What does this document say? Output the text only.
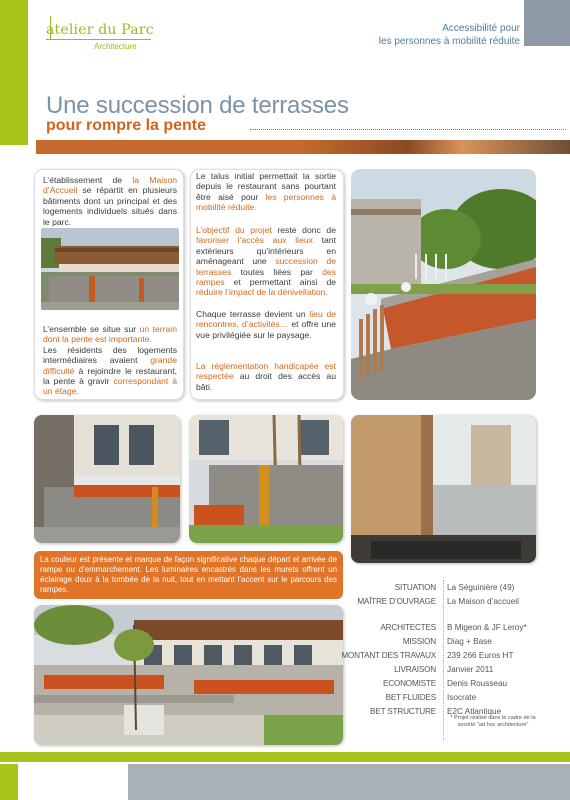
atelier du Parc
Architecture
Accessibilité pour
les personnes à mobilité réduite
Une succession de terrasses
pour rompre la pente

L’établissement de la Maison d’Accueil se répartit en plusieurs bâtiments dont un principal et des logements individuels situés dans le parc.

L’ensemble se situe sur un terrain dont la pente est importante.
Les résidents des logements intermédiaires avaient grande difficulté à rejoindre le restaurant, la pente à gravir correspondant à un étage.

Le talus initial permettait la sortie depuis le restaurant sans pourtant être aisé pour les personnes à mobilité réduite.

L’objectif du projet reste donc de favoriser l’accès aux lieux tant extérieurs qu’intérieurs en aménageant une succession de terrasses toutes liées par des rampes et permettant ainsi de réduire l’impact de la dénivellation.

Chaque terrasse devient un lieu de rencontres, d’activités… et offre une vue privilégiée sur le paysage.

La réglementation handicapée est respectée au droit des accès au bâti.

La couleur est présente et marque de façon significative chaque départ et arrivée de rampe ou d’emmarchement. Les luminaires encastrés dans les murets offrent un éclairage doux à la tombée de la nuit, tout en mettant l’accent sur le parcours des rampes.	SITUATION La Séguinière (49)
MAÎTRE D’OUVRAGE La Maison d’accueil
ARCHITECTES B Migeon & JF Leroy*
MISSION Diag + Base
MONTANT DES TRAVAUX 239 266 Euros HT
LIVRAISON Janvier 2011
ECONOMISTE Denis Rousseau
BET FLUIDES Isocrate
BET STRUCTURE E2C Atlantique
* Projet réalisé dans le cadre de la société "ad hoc architecture"
